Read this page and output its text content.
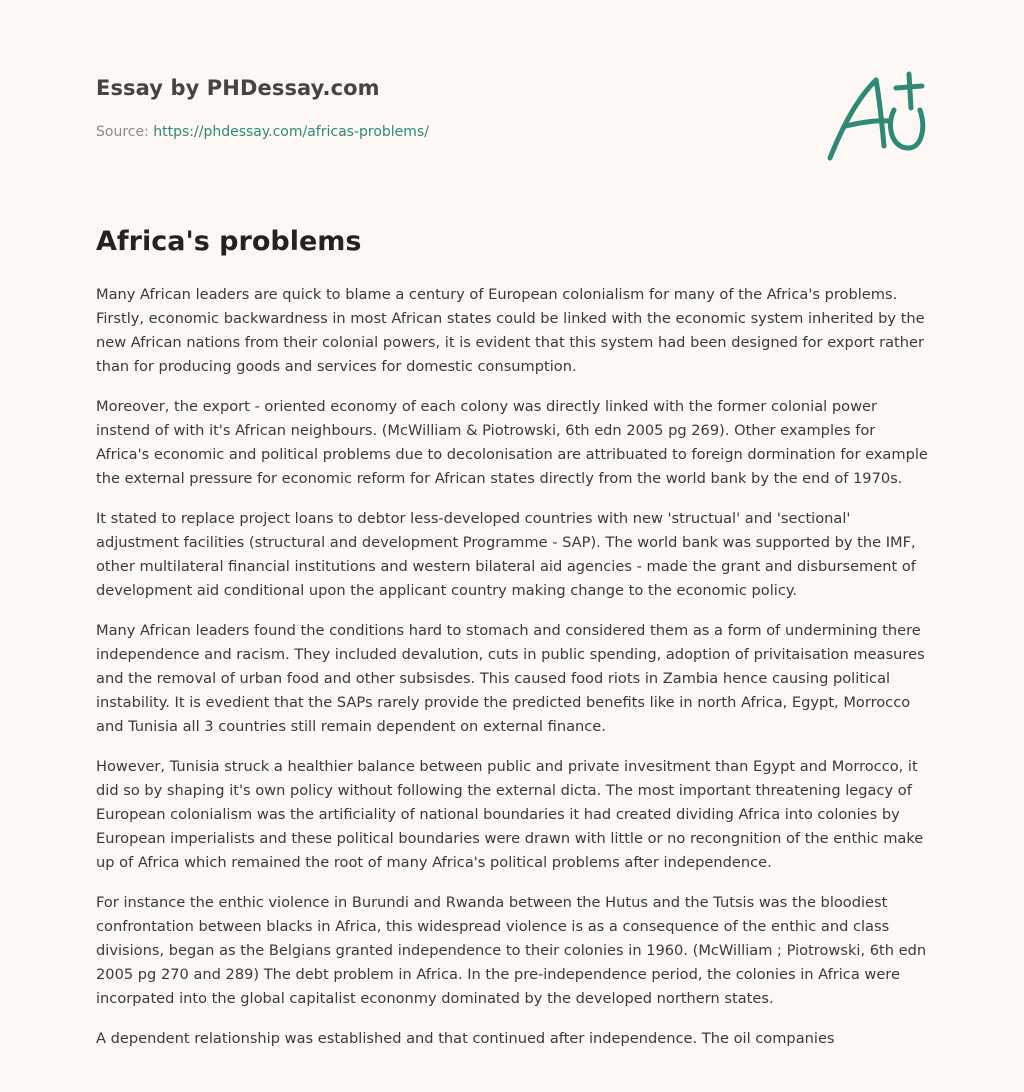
Essay by PHDessay.com
Source: https://phdessay.com/africas-problems/
Africa's problems

Many African leaders are quick to blame a century of European colonialism for many of the Africa's problems. Firstly, economic backwardness in most African states could be linked with the economic system inherited by the new African nations from their colonial powers, it is evident that this system had been designed for export rather than for producing goods and services for domestic consumption.

Moreover, the export - oriented economy of each colony was directly linked with the former colonial power instend of with it's African neighbours. (McWilliam & Piotrowski, 6th edn 2005 pg 269). Other examples for Africa's economic and political problems due to decolonisation are attribuated to foreign dormination for example the external pressure for economic reform for African states directly from the world bank by the end of 1970s.

It stated to replace project loans to debtor less-developed countries with new 'structual' and 'sectional' adjustment facilities (structural and development Programme - SAP). The world bank was supported by the IMF, other multilateral financial institutions and western bilateral aid agencies - made the grant and disbursement of development aid conditional upon the applicant country making change to the economic policy.

Many African leaders found the conditions hard to stomach and considered them as a form of undermining there independence and racism. They included devalution, cuts in public spending, adoption of privitaisation measures and the removal of urban food and other subsisdes. This caused food riots in Zambia hence causing political instability. It is evedient that the SAPs rarely provide the predicted benefits like in north Africa, Egypt, Morrocco and Tunisia all 3 countries still remain dependent on external finance.

However, Tunisia struck a healthier balance between public and private invesitment than Egypt and Morrocco, it did so by shaping it's own policy without following the external dicta. The most important threatening legacy of European colonialism was the artificiality of national boundaries it had created dividing Africa into colonies by European imperialists and these political boundaries were drawn with little or no recongnition of the enthic make up of Africa which remained the root of many Africa's political problems after independence.

For instance the enthic violence in Burundi and Rwanda between the Hutus and the Tutsis was the bloodiest confrontation between blacks in Africa, this widespread violence is as a consequence of the enthic and class divisions, began as the Belgians granted independence to their colonies in 1960. (McWilliam ; Piotrowski, 6th edn 2005 pg 270 and 289) The debt problem in Africa. In the pre-independence period, the colonies in Africa were incorpated into the global capitalist econonmy dominated by the developed northern states.

A dependent relationship was established and that continued after independence. The oil companies
